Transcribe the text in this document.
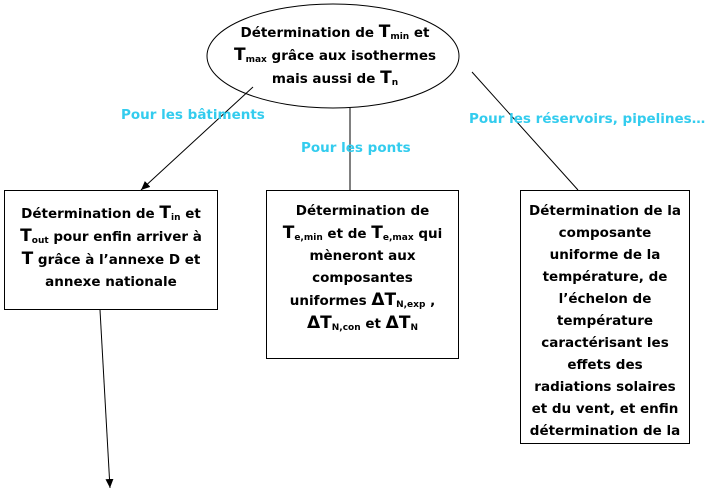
Détermination de $T_{min}$ et
$T_{max}$ grâce aux isothermes
mais aussi de $T_n$
Pour les bâtiments
Pour les ponts
Pour les réservoirs, pipelines…
Détermination de $T_{in}$ et
$T_{out}$ pour enfin arriver à
T grâce à l’annexe D et
annexe nationale
Détermination de
$T_{e,min}$ et de $T_{e,max}$ qui
mèneront aux
composantes
uniformes $\Delta T_{N,exp}$ ,
$\Delta T_{N,con}$ et $\Delta T_N$
Détermination de la
composante
uniforme de la
température, de
l’échelon de
température
caractérisant les
effets des
radiations solaires
et du vent, et enfin
détermination de la
